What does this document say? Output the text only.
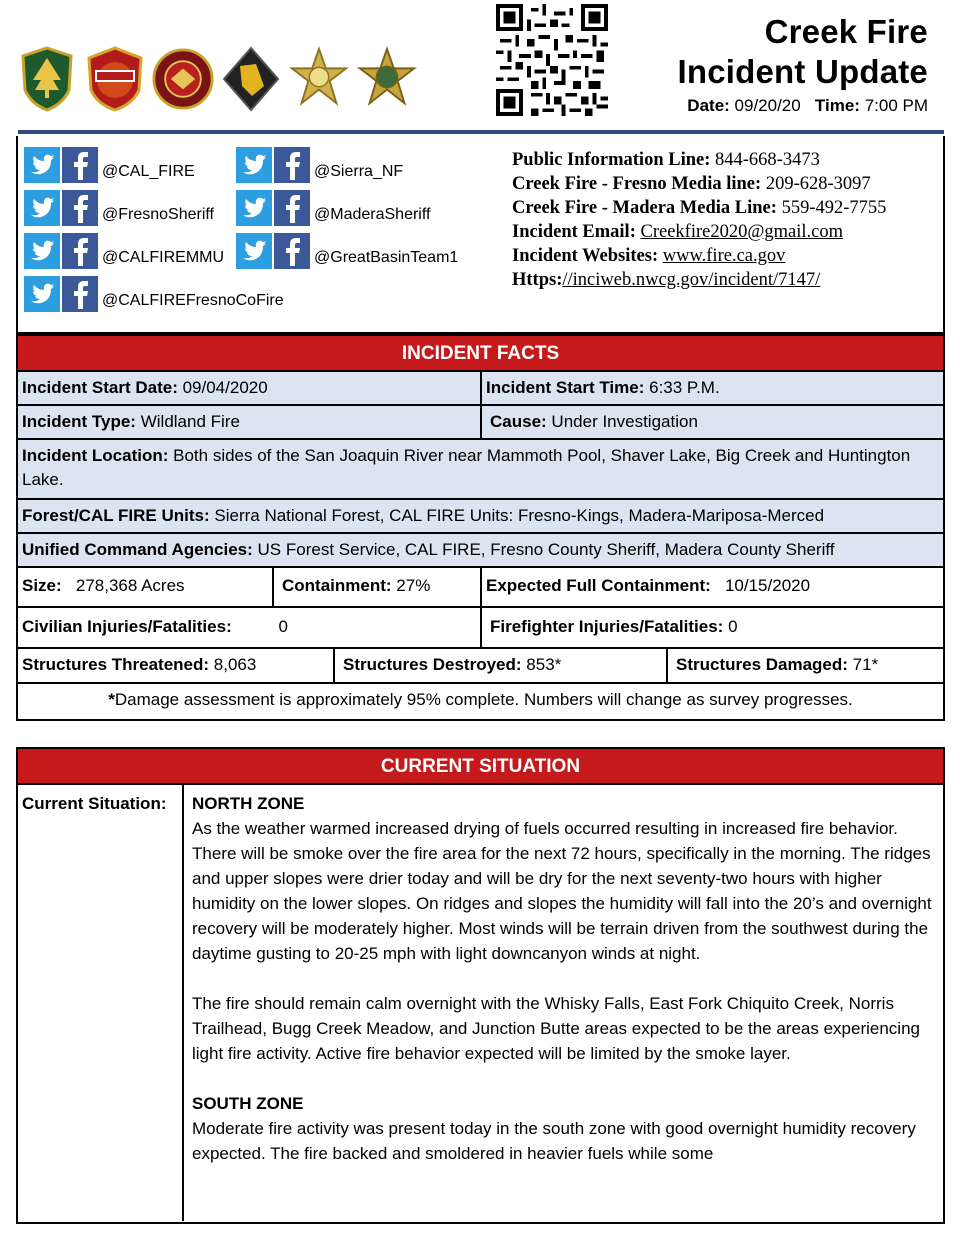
Creek Fire
Incident Update
Date: 09/20/20 Time: 7:00 PM
@CAL_FIRE
@FresnoSheriff
@CALFIREMMU
@CALFIREFresnoCoFire
@Sierra_NF
@MaderaSheriff
@GreatBasinTeam1
Public Information Line: 844-668-3473
Creek Fire - Fresno Media line: 209-628-3097
Creek Fire - Madera Media Line: 559-492-7755
Incident Email: Creekfire2020@gmail.com
Incident Websites: www.fire.ca.gov
Https://inciweb.nwcg.gov/incident/7147/
INCIDENT FACTS
Incident Start Date: 09/04/2020	Incident Start Time: 6:33 P.M.
Incident Type: Wildland Fire	Cause: Under Investigation
Incident Location: Both sides of the San Joaquin River near Mammoth Pool, Shaver Lake, Big Creek and Huntington Lake.
Forest/CAL FIRE Units: Sierra National Forest, CAL FIRE Units: Fresno-Kings, Madera-Mariposa-Merced
Unified Command Agencies: US Forest Service, CAL FIRE, Fresno County Sheriff, Madera County Sheriff
Size: 278,368 Acres	Containment: 27%	Expected Full Containment: 10/15/2020
Civilian Injuries/Fatalities:	0	Firefighter Injuries/Fatalities: 0
Structures Threatened: 8,063	Structures Destroyed: 853*	Structures Damaged: 71*
*Damage assessment is approximately 95% complete. Numbers will change as survey progresses.
CURRENT SITUATION
Current Situation:	NORTH ZONE

As the weather warmed increased drying of fuels occurred resulting in increased fire behavior. There will be smoke over the fire area for the next 72 hours, specifically in the morning. The ridges and upper slopes were drier today and will be dry for the next seventy-two hours with higher humidity on the lower slopes. On ridges and slopes the humidity will fall into the 20’s and overnight recovery will be moderately higher. Most winds will be terrain driven from the southwest during the daytime gusting to 20-25 mph with light downcanyon winds at night.

The fire should remain calm overnight with the Whisky Falls, East Fork Chiquito Creek, Norris Trailhead, Bugg Creek Meadow, and Junction Butte areas expected to be the areas experiencing light fire activity. Active fire behavior expected will be limited by the smoke layer.

SOUTH ZONE

Moderate fire activity was present today in the south zone with good overnight humidity recovery expected. The fire backed and smoldered in heavier fuels while some
